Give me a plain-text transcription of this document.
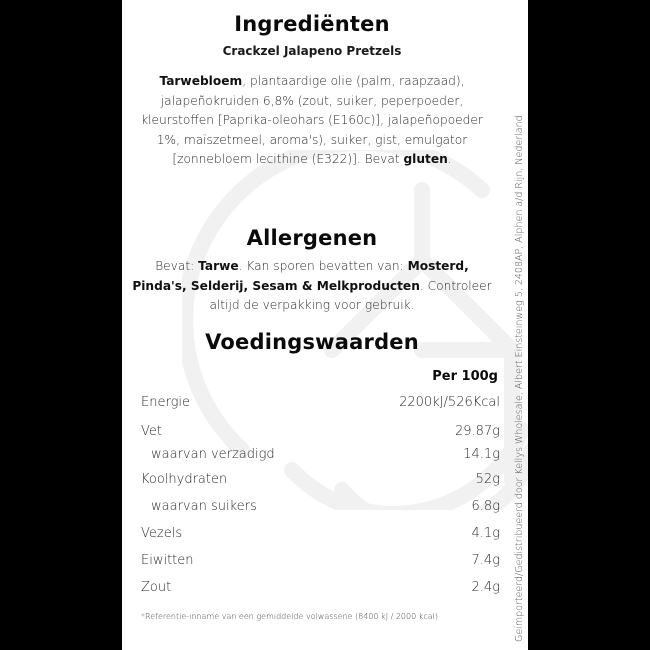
Ingrediënten
Crackzel Jalapeno Pretzels
Tarwebloem, plantaardige olie (palm, raapzaad), jalapeñokruiden 6,8% (zout, suiker, peperpoeder, kleurstoffen [Paprika-oleohars (E160c)], jalapeñopoeder 1%, maïszetmeel, aroma's), suiker, gist, emulgator [zonnebloem lecithine (E322)]. Bevat gluten.
Allergenen
Bevat: Tarwe. Kan sporen bevatten van: Mosterd, Pinda's, Selderij, Sesam & Melkproducten. Controleer altijd de verpakking voor gebruik.
Voedingswaarden
Per 100g
Energie	2200kJ/526Kcal
Vet	29.87g
waarvan verzadigd	14.1g
Koolhydraten	52g
waarvan suikers	6.8g
Vezels	4.1g
Eiwitten	7.4g
Zout	2.4g
*Referentie-inname van een gemiddelde volwassene (8400 kJ / 2000 kcal)	Geïmporteerd/Gedistribueerd door Kellys Wholesale, Albert Einsteinweg 5, 2408AP, Alphen a/d Rijn, Nederland
